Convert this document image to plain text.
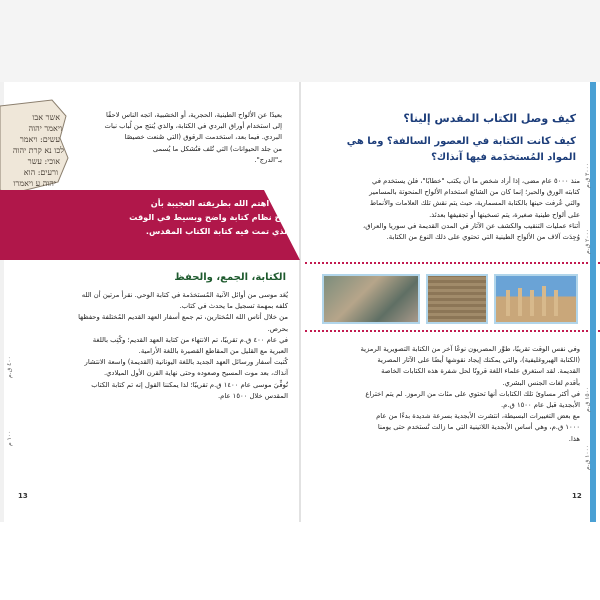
٤٠٠ ق.م
١٠٠ م
אשר אבו
ויאמר יהוה
עשים: ויאמר
לכו נא קרת יהוה
אוכי: עשר
ורעים: הוא
יהוה ע ויאמרו
بعيدًا عن الألواح الطينية، الحجرية، أو الخشبية، اتجه الناس لاحقًا
إلى استخدام أوراق البردي في الكتابة، والذي يُنتج من لُباب نبات
البردي. فيما بعد، استخدمت الرقوق (التي صُنعت خصيصًا
من جلد الحيوانات) التي تُلف فتُشكل ما يُسمى
بـ"الدرج".
هكذا اهتم الله بطريقته العجيبة بأن
يُتاح نظام كتابة واضح وبسيط في الوقت
الذي تمت فيه كتابة الكتاب المقدس.
الكتابة، الجمع، والحفظ
يُعَد موسى من أوائل الآنية المُستخدَمة في كتابة الوحي. نقرأ مرتين أن الله
كلفه بمهمة تسجيل ما يحدث في كتاب.
من خلال أناس الله المُختارين، تم جمع أسفار العهد القديم المُختلفة وحفظها
بحرص.
في عام ٤٠٠ ق.م تقريبًا، تم الانتهاء من كتابة العهد القديم؛ وكُتِب باللغة
العبرية مع القليل من المقاطع القصيرة باللغة الأرامية.
كُتبت أسفار ورسائل العهد الجديد باللغة اليونانية (القديمة) واسعة الانتشار
آنذاك، بعد موت المسيح وصعوده وحتى نهاية القرن الأول الميلادي.
تُوفِّيَ موسى عام ١٤٠٠ ق.م تقريبًا؛ لذا يمكننا القول إنه تم كتابة الكتاب
المقدس خلال ١٥٠٠ عام.
13
كيف وصل الكتاب المقدس إلينا؟
كيف كانت الكتابة في العصور السالفة؟ وما هي
المواد المُستخدَمة فيها آنذاك؟
منذ ٥٠٠٠ عام مضى، إذا أراد شخص ما أن يكتب "خطابًا"، فلن يستخدم في
كتابته الورق والحبر؛ إنما كان من الشائع استخدام الألواح المنحوتة بالمسامير
والتي عُرفت حينها بالكتابة المسمارية، حيث يتم نقش تلك العلامات والأنماط
على ألواح طينية صغيرة، يتم تسخينها أو تجفيفها بعدئذ.
أثناء عمليات التنقيب والكشف عن الآثار في المدن القديمة في سوريا والعراق،
وُجِدَت آلاف من الألواح الطينية التي تحتوي على ذلك النوع من الكتابة.
وفي نفس الوقت تقريبًا، طوَّر المصريون نوعًا آخر من الكتابة التصويرية الرمزية
(الكتابة الهيروغليفية)، والتي يمكنك إيجاد نقوشها أيضًا على الآثار المصرية
القديمة. لقد استغرق علماء اللغة قرونًا لحل شفرة هذه الكتابات الخاصة
بأقدم لغات الجنس البشري.
في أكثر مساوئ تلك الكتابات أنها تحتوي على مئات من الرموز. لم يتم اختراع
الأبجدية قبل عام ١٥٠٠ ق.م.
مع بعض التغييرات البسيطة، انتشرت الأبجدية بسرعة شديدة بدءًا من عام
١٠٠٠ ق.م، وهي أساس الأبجدية اللاتينية التي ما زالت تُستخدم حتى يومنا
هذا.
12
٣٠٠٠ ق.م
٢٠٠٠ ق.م
١٥٠٠ ق.م
١٠٠٠ ق.م
